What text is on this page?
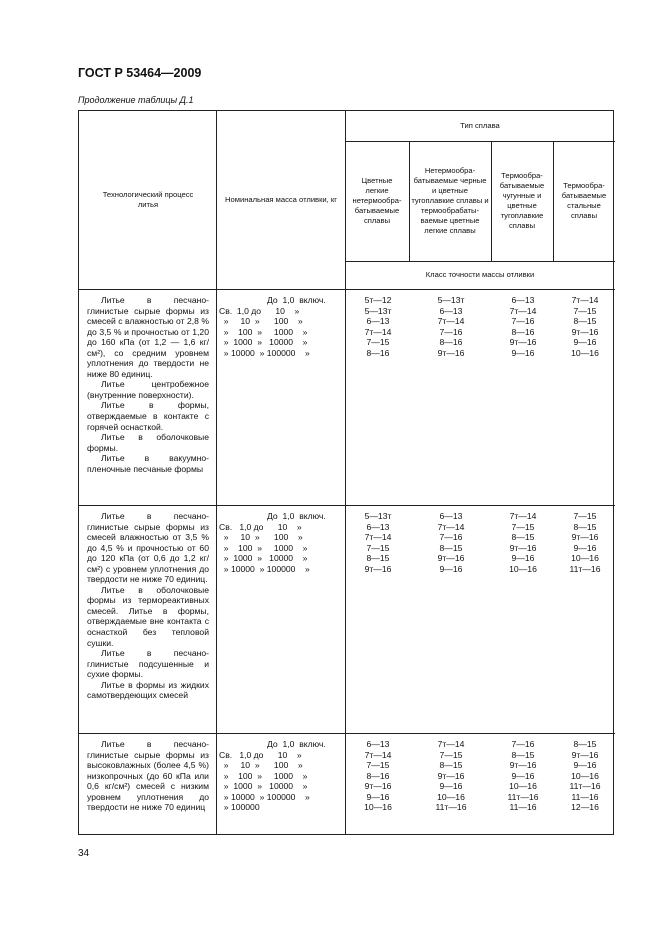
ГОСТ Р 53464—2009
Продолжение таблицы Д.1
Технологический процесс литья
Номинальная масса отливки, кг
Тип сплава
Цветные легкие нетермообра-батываемые сплавы
Нетермообра-батываемые черные и цветные тугоплавкие сплавы и термообрабаты-ваемые цветные легкие сплавы
Термообра-батываемые чугунные и цветные тугоплавкие сплавы
Термообра-батываемые стальные сплавы
Класс точности массы отливки

Литье в песчано-глинистые сырые формы из смесей с влажностью от 2,8 % до 3,5 % и прочностью от 1,20 до 160 кПа (от 1,2 — 1,6 кг/см²), со средним уровнем уплотнения до твердости не ниже 80 единиц.

Литье центробежное (внутренние поверхности).

Литье в формы, отверждаемые в контакте с горячей оснасткой.

Литье в оболочковые формы.

Литье в вакуумно-пленочные песчаные формы

До  1,0  включ.
Св.  1,0 до      10    »
»     10  »      100    »
»    100  »     1000    »
»  1000  »   10000    »
» 10000  » 100000    »
5т—12
5—13т
6—13
7т—14
7—15
8—16
5—13т
6—13
7т—14
7—16
8—16
9т—16
6—13
7т—14
7—16
8—16
9т—16
9—16
7т—14
7—15
8—15
9т—16
9—16
10—16

Литье в песчано-глинистые сырые формы из смесей влажностью от 3,5 % до 4,5 % и прочностью от 60 до 120 кПа (от 0,6 до 1,2 кг/см²) с уровнем уплотнения до твердости не ниже 70 единиц.

Литье в оболочковые формы из термореактивных смесей. Литье в формы, отверждаемые вне контакта с оснасткой без тепловой сушки.

Литье в песчано-глинистые подсушенные и сухие формы.

Литье в формы из жидких самотвердеющих смесей

До  1,0  включ.
Св.   1,0 до      10    »
»     10  »      100    »
»    100  »     1000    »
»  1000  »   10000    »
» 10000  » 100000    »
5—13т
6—13
7т—14
7—15
8—15
9т—16
6—13
7т—14
7—16
8—15
9т—16
9—16
7т—14
7—15
8—15
9т—16
9—16
10—16
7—15
8—15
9т—16
9—16
10—16
11т—16

Литье в песчано-глинистые сырые формы из высоковлажных (более 4,5 %) низкопрочных (до 60 кПа или 0,6 кг/см²) смесей с низким уровнем уплотнения до твердости не ниже 70 единиц

До  1,0  включ.
Св.   1,0 до      10    »
»     10  »      100    »
»    100  »     1000    »
»  1000  »   10000    »
» 10000  » 100000    »
» 100000
6—13
7т—14
7—15
8—16
9т—16
9—16
10—16
7т—14
7—15
8—15
9т—16
9—16
10—16
11т—16
7—16
8—15
9т—16
9—16
10—16
11т—16
11—16
8—15
9т—16
9—16
10—16
11т—16
11—16
12—16
34
